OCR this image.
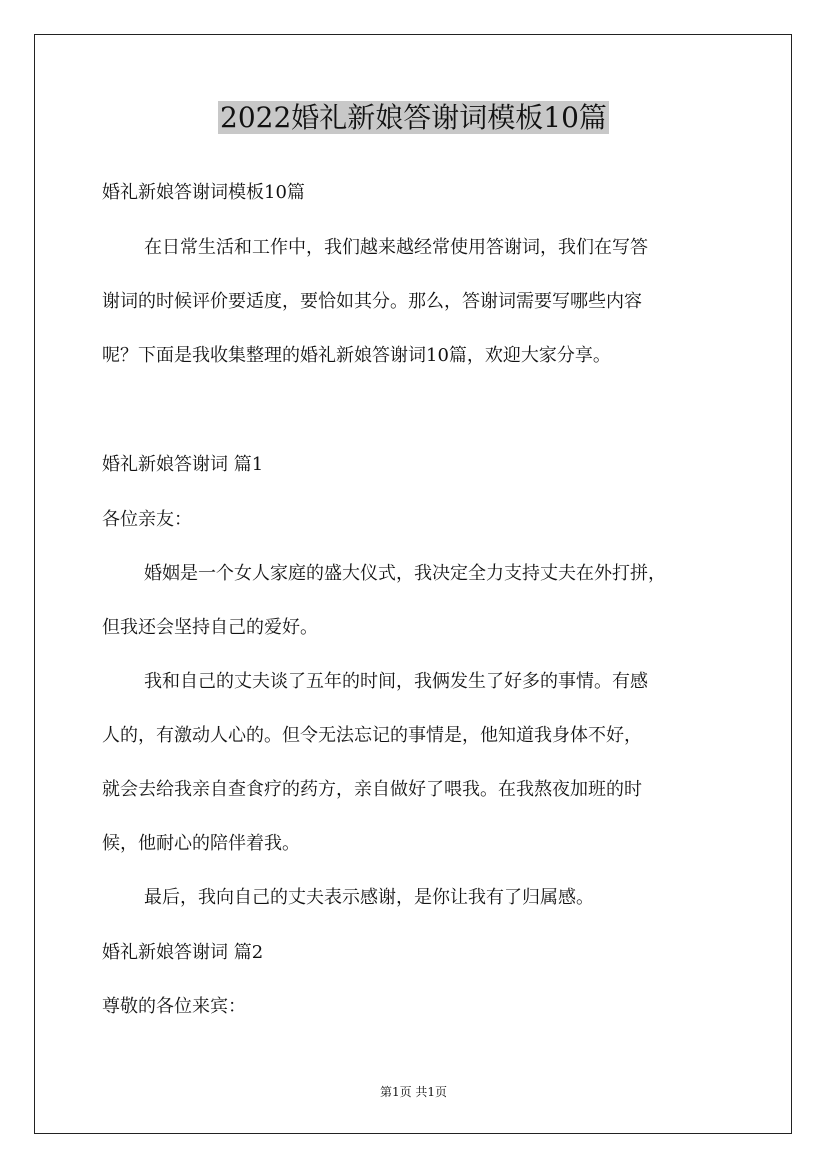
2022婚礼新娘答谢词模板10篇
婚礼新娘答谢词模板10篇
在日常生活和工作中，我们越来越经常使用答谢词，我们在写答
谢词的时候评价要适度，要恰如其分。那么，答谢词需要写哪些内容
呢？下面是我收集整理的婚礼新娘答谢词10篇，欢迎大家分享。
婚礼新娘答谢词 篇1
各位亲友：
婚姻是一个女人家庭的盛大仪式，我决定全力支持丈夫在外打拼，
但我还会坚持自己的爱好。
我和自己的丈夫谈了五年的时间，我俩发生了好多的事情。有感
人的，有激动人心的。但令无法忘记的事情是，他知道我身体不好，
就会去给我亲自查食疗的药方，亲自做好了喂我。在我熬夜加班的时
候，他耐心的陪伴着我。
最后，我向自己的丈夫表示感谢，是你让我有了归属感。
婚礼新娘答谢词 篇2
尊敬的各位来宾：
第1页 共1页
